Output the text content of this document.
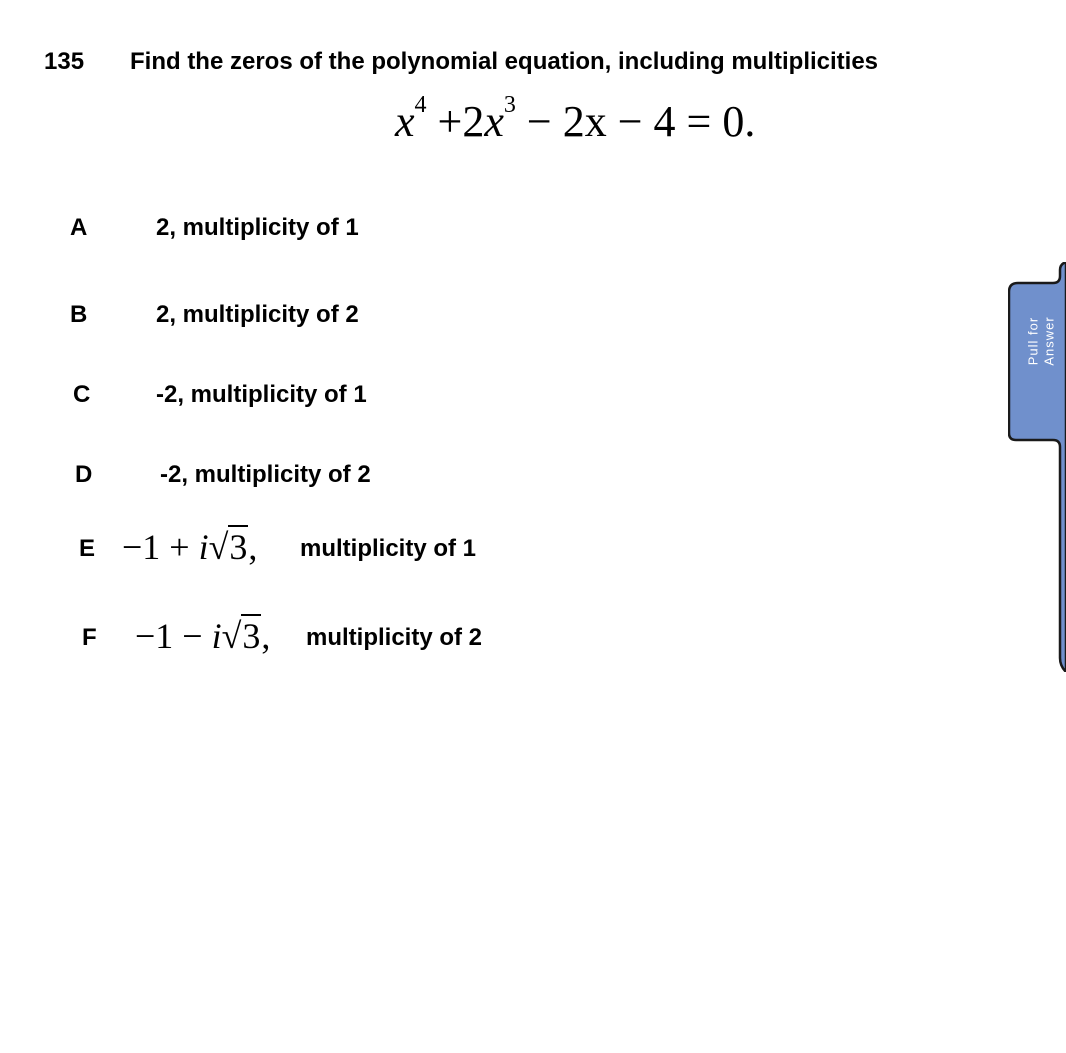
135 Find the zeros of the polynomial equation, including multiplicities
$x^4 +2x^3 - 2x - 4 = 0$.
A	2, multiplicity of 1
B	2, multiplicity of 2
C	-2, multiplicity of 1
D	-2, multiplicity of 2
E −1 + i√3, multiplicity of 1
F −1 − i√3, multiplicity of 2
Pull for Answer
